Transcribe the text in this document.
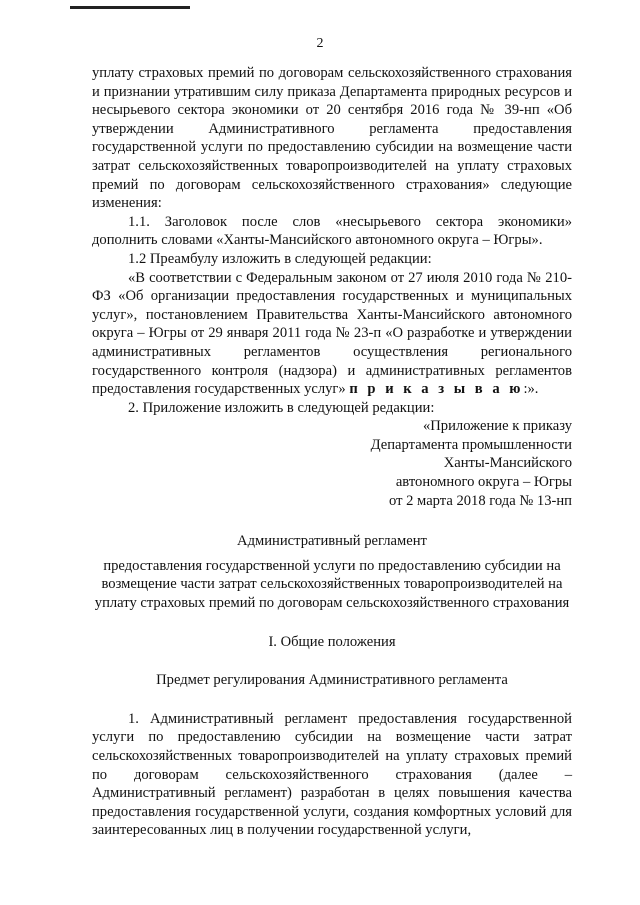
2

уплату страховых премий по договорам сельскохозяйственного страхования и признании утратившим силу приказа Департамента природных ресурсов и несырьевого сектора экономики от 20 сентября 2016 года № 39-нп «Об утверждении Административного регламента предоставления государственной услуги по предоставлению субсидии на возмещение части затрат сельскохозяйственных товаропроизводителей на уплату страховых премий по договорам сельскохозяйственного страхования» следующие изменения:

1.1. Заголовок после слов «несырьевого сектора экономики» дополнить словами «Ханты-Мансийского автономного округа – Югры».

1.2 Преамбулу изложить в следующей редакции:

«В соответствии с Федеральным законом от 27 июля 2010 года № 210-ФЗ «Об организации предоставления государственных и муниципальных услуг», постановлением Правительства Ханты-Мансийского автономного округа – Югры от 29 января 2011 года № 23-п «О разработке и утверждении административных регламентов осуществления регионального государственного контроля (надзора) и административных регламентов предоставления государственных услуг» п р и к а з ы в а ю:».

2. Приложение изложить в следующей редакции:

«Приложение к приказу
Департамента промышленности
Ханты-Мансийского
автономного округа – Югры
от 2 марта 2018 года № 13-нп

Административный регламент

предоставления государственной услуги по предоставлению субсидии на возмещение части затрат сельскохозяйственных товаропроизводителей на уплату страховых премий по договорам сельскохозяйственного страхования

I. Общие положения

Предмет регулирования Административного регламента

1. Административный регламент предоставления государственной услуги по предоставлению субсидии на возмещение части затрат сельскохозяйственных товаропроизводителей на уплату страховых премий по договорам сельскохозяйственного страхования (далее – Административный регламент) разработан в целях повышения качества предоставления государственной услуги, создания комфортных условий для заинтересованных лиц в получении государственной услуги,
